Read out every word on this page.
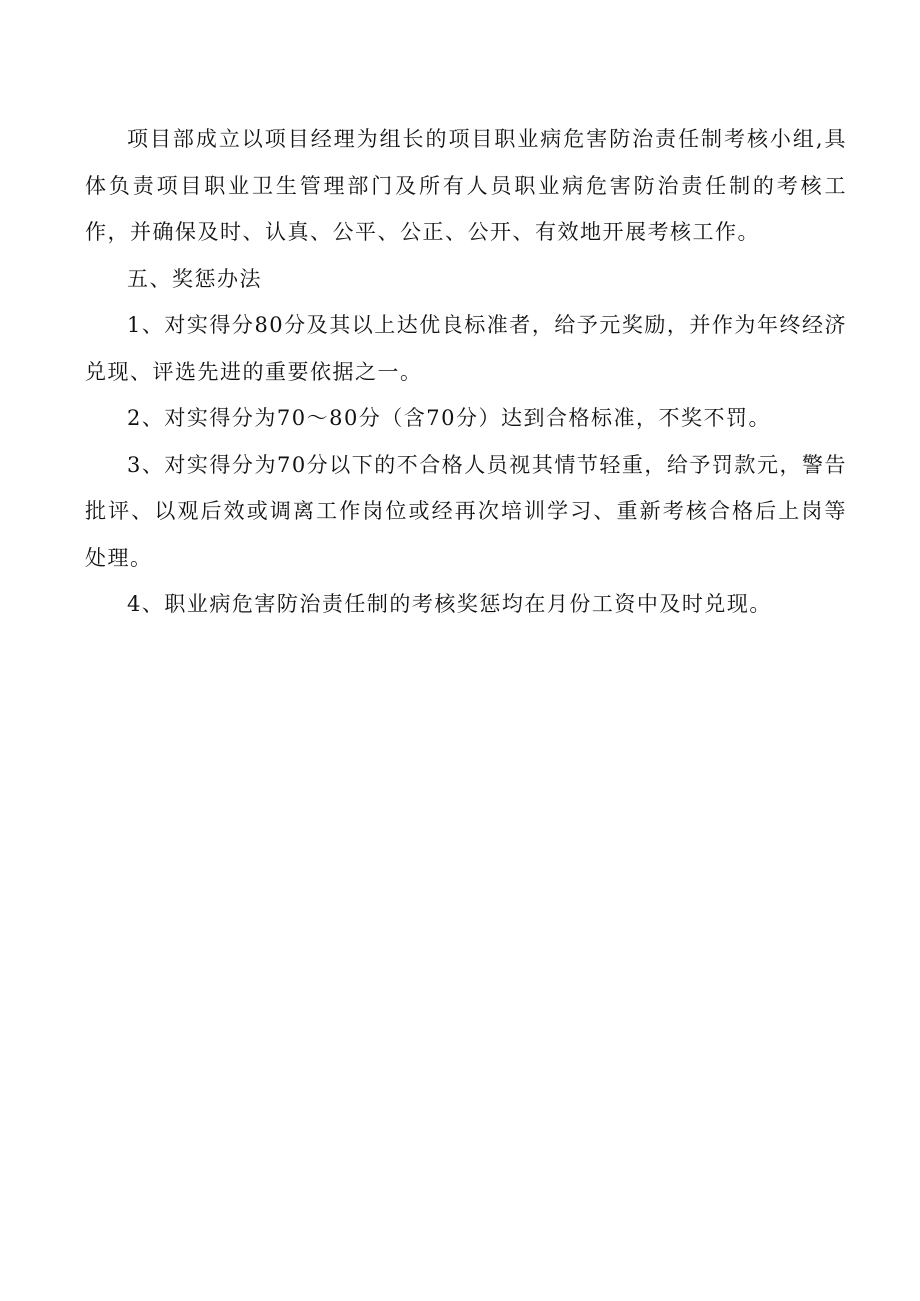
项目部成立以项目经理为组长的项目职业病危害防治责任制考核小组,具体负责项目职业卫生管理部门及所有人员职业病危害防治责任制的考核工作，并确保及时、认真、公平、公正、公开、有效地开展考核工作。

五、奖惩办法

1、对实得分80分及其以上达优良标准者，给予元奖励，并作为年终经济兑现、评选先进的重要依据之一。

2、对实得分为70～80分（含70分）达到合格标准，不奖不罚。

3、对实得分为70分以下的不合格人员视其情节轻重，给予罚款元，警告批评、以观后效或调离工作岗位或经再次培训学习、重新考核合格后上岗等处理。

4、职业病危害防治责任制的考核奖惩均在月份工资中及时兑现。
